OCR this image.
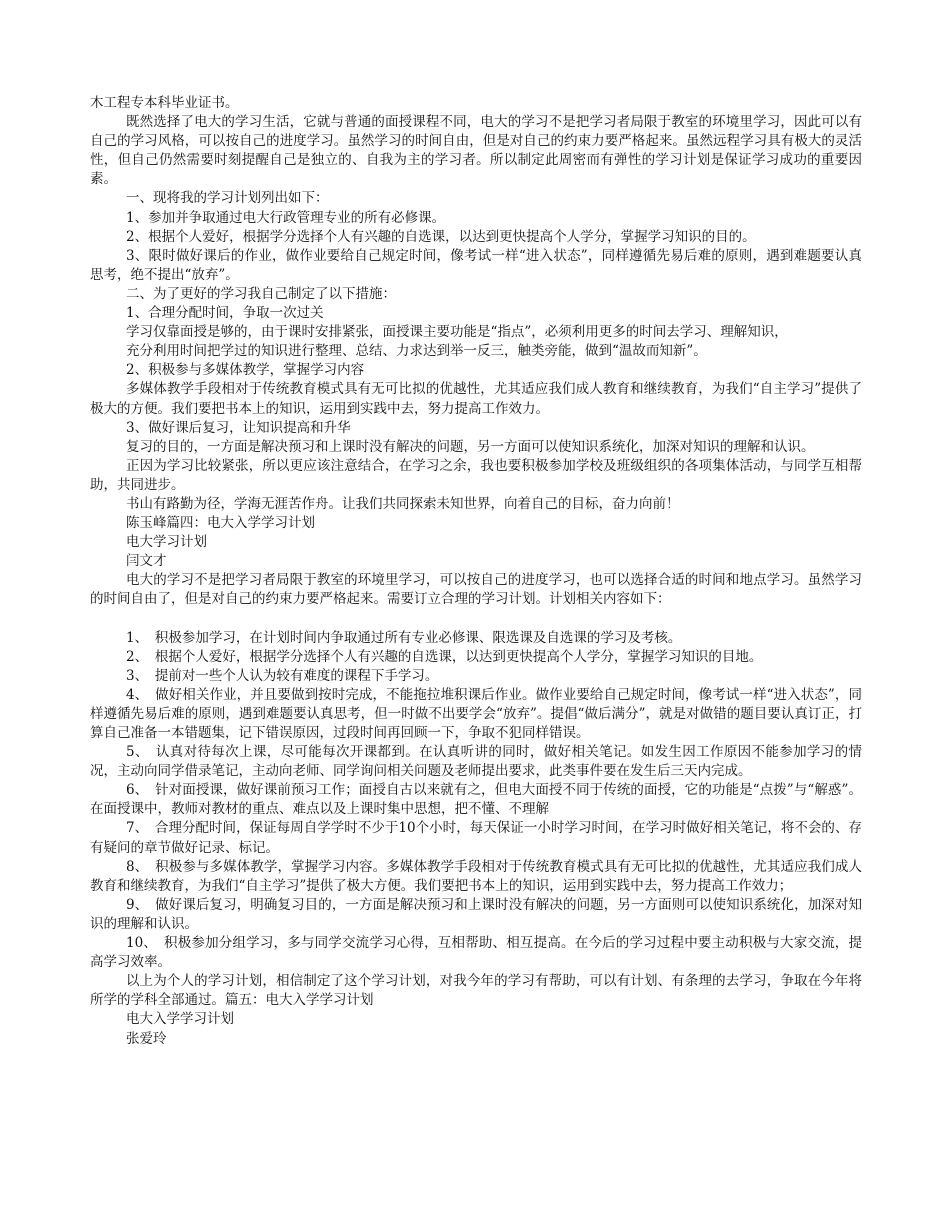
木工程专本科毕业证书。

既然选择了电大的学习生活，它就与普通的面授课程不同，电大的学习不是把学习者局限于教室的环境里学习，因此可以有自己的学习风格，可以按自己的进度学习。虽然学习的时间自由，但是对自己的约束力要严格起来。虽然远程学习具有极大的灵活性，但自己仍然需要时刻提醒自己是独立的、自我为主的学习者。所以制定此周密而有弹性的学习计划是保证学习成功的重要因素。

一、现将我的学习计划列出如下：

1、参加并争取通过电大行政管理专业的所有必修课。

2、根据个人爱好，根据学分选择个人有兴趣的自选课，以达到更快提高个人学分，掌握学习知识的目的。

3、限时做好课后的作业，做作业要给自己规定时间，像考试一样“进入状态”，同样遵循先易后难的原则，遇到难题要认真思考，绝不提出“放弃”。

二、为了更好的学习我自己制定了以下措施：

1、合理分配时间，争取一次过关

学习仅靠面授是够的，由于课时安排紧张，面授课主要功能是“指点”，必须利用更多的时间去学习、理解知识，

充分利用时间把学过的知识进行整理、总结、力求达到举一反三，触类旁能，做到“温故而知新”。

2、积极参与多媒体教学，掌握学习内容

多媒体教学手段相对于传统教育模式具有无可比拟的优越性，尤其适应我们成人教育和继续教育，为我们“自主学习”提供了极大的方便。我们要把书本上的知识，运用到实践中去，努力提高工作效力。

3、做好课后复习，让知识提高和升华

复习的目的，一方面是解决预习和上课时没有解决的问题，另一方面可以使知识系统化，加深对知识的理解和认识。

正因为学习比较紧张，所以更应该注意结合，在学习之余，我也要积极参加学校及班级组织的各项集体活动，与同学互相帮助，共同进步。

书山有路勤为径，学海无涯苦作舟。让我们共同探索未知世界，向着自己的目标，奋力向前！

陈玉峰篇四：电大入学学习计划

电大学习计划

闫文才

电大的学习不是把学习者局限于教室的环境里学习，可以按自己的进度学习，也可以选择合适的时间和地点学习。虽然学习的时间自由了，但是对自己的约束力要严格起来。需要订立合理的学习计划。计划相关内容如下：

1、　积极参加学习，在计划时间内争取通过所有专业必修课、限选课及自选课的学习及考核。

2、　根据个人爱好，根据学分选择个人有兴趣的自选课，以达到更快提高个人学分，掌握学习知识的目地。

3、　提前对一些个人认为较有难度的课程下手学习。

4、　做好相关作业，并且要做到按时完成，不能拖拉堆积课后作业。做作业要给自己规定时间，像考试一样“进入状态”，同样遵循先易后难的原则，遇到难题要认真思考，但一时做不出要学会“放弃”。提倡“做后满分”，就是对做错的题目要认真订正，打算自己准备一本错题集，记下错误原因，过段时间再回顾一下，争取不犯同样错误。

5、　认真对待每次上课，尽可能每次开课都到。在认真听讲的同时，做好相关笔记。如发生因工作原因不能参加学习的情况，主动向同学借录笔记，主动向老师、同学询问相关问题及老师提出要求，此类事件要在发生后三天内完成。

6、　针对面授课，做好课前预习工作；面授自古以来就有之，但电大面授不同于传统的面授，它的功能是“点拨”与“解惑”。在面授课中，教师对教材的重点、难点以及上课时集中思想，把不懂、不理解

7、　合理分配时间，保证每周自学学时不少于10个小时，每天保证一小时学习时间，在学习时做好相关笔记，将不会的、存有疑问的章节做好记录、标记。

8、　积极参与多媒体教学，掌握学习内容。多媒体教学手段相对于传统教育模式具有无可比拟的优越性，尤其适应我们成人教育和继续教育，为我们“自主学习”提供了极大方便。我们要把书本上的知识，运用到实践中去，努力提高工作效力；

9、　做好课后复习，明确复习目的，一方面是解决预习和上课时没有解决的问题，另一方面则可以使知识系统化，加深对知识的理解和认识。

10、　积极参加分组学习，多与同学交流学习心得，互相帮助、相互提高。在今后的学习过程中要主动积极与大家交流，提高学习效率。

以上为个人的学习计划，相信制定了这个学习计划，对我今年的学习有帮助，可以有计划、有条理的去学习，争取在今年将所学的学科全部通过。篇五：电大入学学习计划

电大入学学习计划

张爱玲
